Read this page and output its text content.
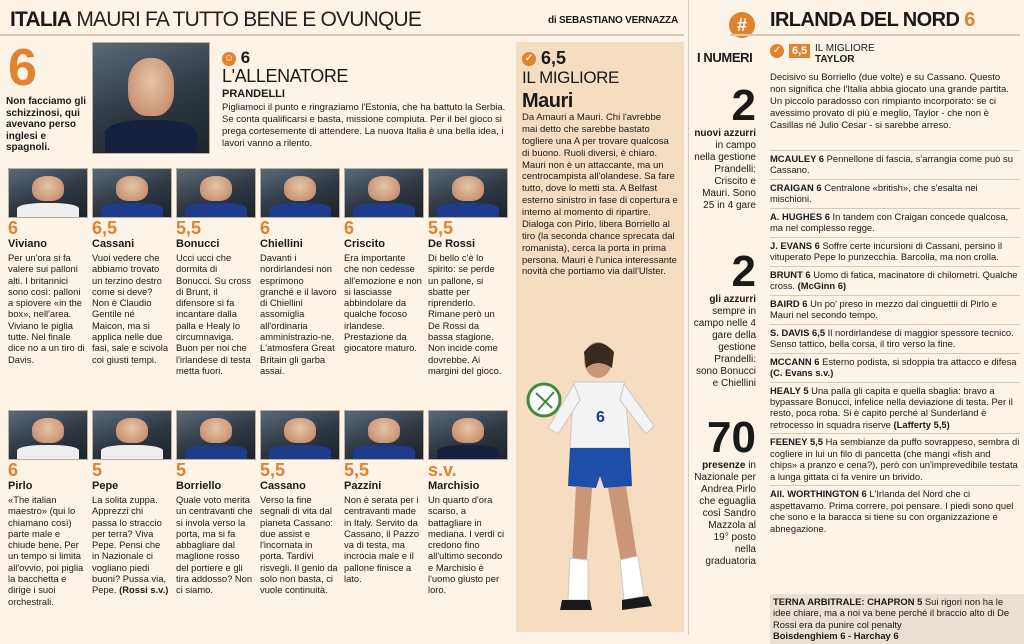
ITALIA MAURI FA TUTTO BENE E OVUNQUE	di SEBASTIANO VERNAZZA	#	IRLANDA DEL NORD 6
6
Non facciamo gli schizzinosi, qui avevano perso inglesi e spagnoli.
☺ 6
L'ALLENATORE
PRANDELLI
Pigliamoci il punto e ringraziamo l'Estonia, che ha battuto la Serbia. Se conta qualificarsi e basta, missione compiuta. Per il bel gioco si prega cortesemente di attendere. La nuova Italia è una bella idea, i lavori vanno a rilento.
6
Viviano
Per un'ora si fa valere sui palloni alti. I britannici sono così: palloni a spiovere «in the box», nell'area. Viviano le piglia tutte. Nel finale dice no a un tiro di Davis.
6,5
Cassani
Vuoi vedere che abbiamo trovato un terzino destro come si deve? Non è Claudio Gentile né Maicon, ma si applica nelle due fasi, sale e scivola coi giusti tempi.
5,5
Bonucci
Ucci ucci che dormita di Bonucci. Su cross di Brunt, il difensore si fa incantare dalla palla e Healy lo circumnaviga. Buon per noi che l'irlandese di testa metta fuori.
6
Chiellini
Davanti i nordirlandesi non esprimono granché e il lavoro di Chiellini assomiglia all'ordinaria amministrazio-ne. L'atmosfera Great Britain gli garba assai.
6
Criscito
Era importante che non cedesse all'emozione e non si lasciasse abbindolare da qualche focoso irlandese. Prestazione da giocatore maturo.
5,5
De Rossi
Di bello c'è lo spirito: se perde un pallone, si sbatte per riprenderlo. Rimane però un De Rossi da bassa stagione. Non incide come dovrebbe. Ai margini del gioco.
6
Pirlo
«The italian maestro» (qui lo chiamano così) parte male e chiude bene. Per un tempo si limita all'ovvio, poi piglia la bacchetta e dirige i suoi orchestrali.
5
Pepe
La solita zuppa. Apprezzi chi passa lo straccio per terra? Viva Pepe. Pensi che in Nazionale ci vogliano piedi buoni? Pussa via, Pepe. (Rossi s.v.)
5
Borriello
Quale voto merita un centravanti che si invola verso la porta, ma si fa abbagliare dal maglione rosso del portiere e gli tira addosso? Non ci siamo.
5,5
Cassano
Verso la fine segnali di vita dal pianeta Cassano: due assist e l'incornata in porta. Tardivi risvegli. Il genio da solo non basta, ci vuole continuità.
5,5
Pazzini
Non è serata per i centravanti made in Italy. Servito da Cassano, il Pazzo va di testa, ma incrocia male e il pallone finisce a lato.
s.v.
Marchisio
Un quarto d'ora scarso, a battagliare in mediana. I verdi ci credono fino all'ultimo secondo e Marchisio è l'uomo giusto per loro.
✓ 6,5
IL MIGLIORE
Mauri
Da Amauri a Mauri. Chi l'avrebbe mai detto che sarebbe bastato togliere una A per trovare qualcosa di buono. Ruoli diversi, è chiaro. Mauri non è un attaccante, ma un centrocampista all'olandese. Sa fare tutto, dove lo metti sta. A Belfast esterno sinistro in fase di copertura e interno al momento di ripartire. Dialoga con Pirlo, libera Borriello al tiro (la seconda chance sprecata dal romanista), cerca la porta in prima persona. Mauri è l'unica interessante novità che portiamo via dall'Ulster.
6
I NUMERI
2
nuovi azzurri in campo nella gestione Prandelli: Criscito e Mauri. Sono 25 in 4 gare
2
gli azzurri sempre in campo nelle 4 gare della gestione Prandelli: sono Bonucci e Chiellini
70
presenze in Nazionale per Andrea Pirlo che eguaglia così Sandro Mazzola al 19° posto nella graduatoria
✓ 6,5 IL MIGLIORE
TAYLOR
Decisivo su Borriello (due volte) e su Cassano. Questo non significa che l'Italia abbia giocato una grande partita. Un piccolo paradosso con rimpianto incorporato: se ci avessimo provato di più e meglio, Taylor - che non è Casillas né Julio Cesar - si sarebbe arreso.
MCAULEY 6 Pennellone di fascia, s'arrangia come può su Cassano.
CRAIGAN 6 Centralone «british», che s'esalta nei mischioni.
A. HUGHES 6 In tandem con Craigan concede qualcosa, ma nel complesso regge.
J. EVANS 6 Soffre certe incursioni di Cassani, persino il vituperato Pepe lo punzecchia. Barcolla, ma non crolla.
BRUNT 6 Uomo di fatica, macinatore di chilometri. Qualche cross. (McGinn 6)
BAIRD 6 Un po' preso in mezzo dal cinguettii di Pirlo e Mauri nel secondo tempo.
S. DAVIS 6,5 Il nordirlandese di maggior spessore tecnico. Senso tattico, bella corsa, il tiro verso la fine.
MCCANN 6 Esterno podista, si sdoppia tra attacco e difesa (C. Evans s.v.)
HEALY 5 Una palla gli capita e quella sbaglia: bravo a bypassare Bonucci, infelice nella deviazione di testa. Per il resto, poca roba. Si è capito perché al Sunderland è retrocesso in squadra riserve (Lafferty 5,5)
FEENEY 5,5 Ha sembianze da puffo sovrappeso, sembra di cogliere in lui un filo di pancetta (che mangi «fish and chips» a pranzo e cena?), però con un'imprevedibile testata a lunga gittata ci fa venire un brivido.
All. WORTHINGTON 6 L'Irlanda del Nord che ci aspettavamo. Prima correre, poi pensare. I piedi sono quel che sono e la baracca si tiene su con organizzazione e abnegazione.
TERNA ARBITRALE: CHAPRON 5 Sui rigori non ha le idee chiare, ma a noi va bene perché il braccio alto di De Rossi era da punire col penalty
Boisdenghiem 6 - Harchay 6
